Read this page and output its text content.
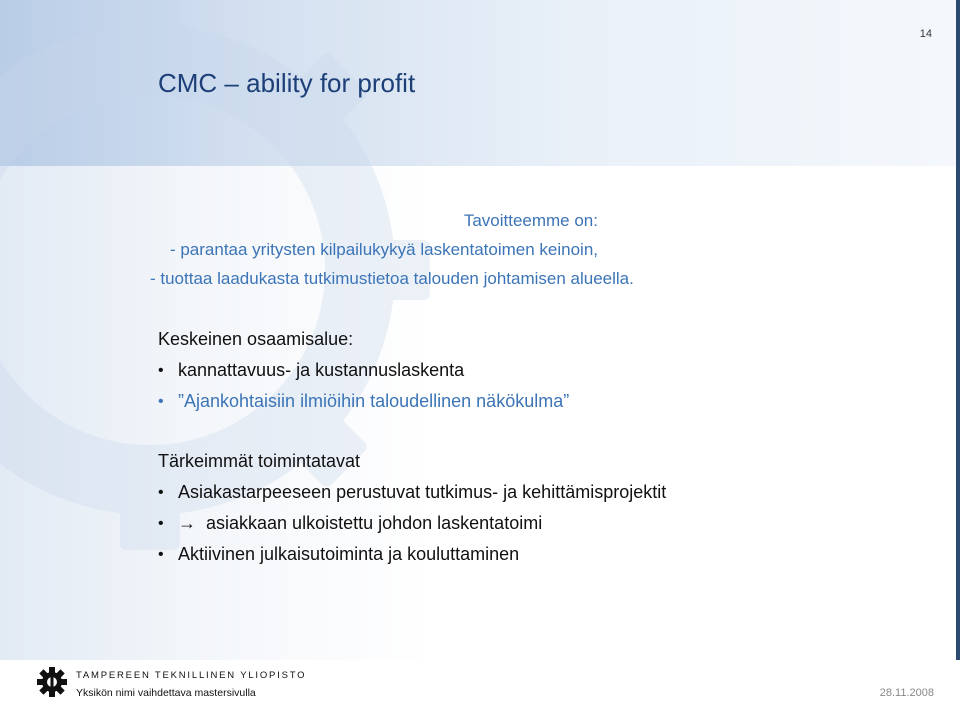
14
CMC – ability for profit
Tavoitteemme on:
- parantaa yritysten kilpailukykyä laskentatoimen keinoin,
- tuottaa laadukasta tutkimustietoa talouden johtamisen alueella.
Keskeinen osaamisalue:
• kannattavuus- ja kustannuslaskenta
• ”Ajankohtaisiin ilmiöihin taloudellinen näkökulma”
Tärkeimmät toimintatavat
• Asiakastarpeeseen perustuvat tutkimus- ja kehittämisprojektit
• → asiakkaan ulkoistettu johdon laskentatoimi
• Aktiivinen julkaisutoiminta ja kouluttaminen
TAMPEREEN TEKNILLINEN YLIOPISTO
Yksikön nimi vaihdettava mastersivulla	28.11.2008
